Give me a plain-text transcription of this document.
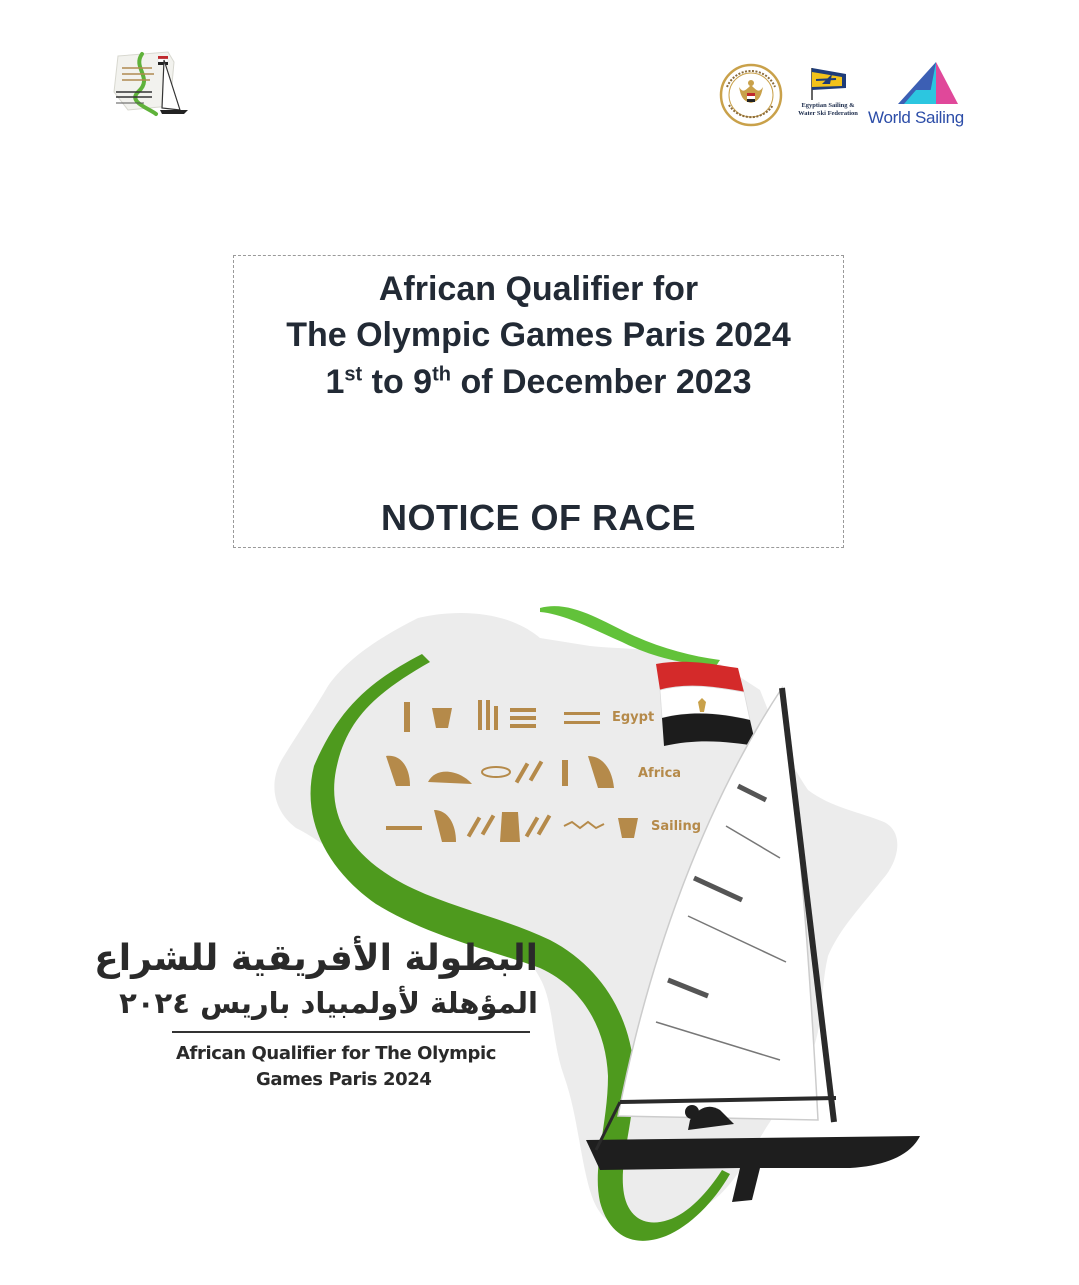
Egyptian Sailing &
Water Ski Federation World Sailing
African Qualifier for
The Olympic Games Paris 2024
1st to 9th of December 2023
NOTICE OF RACE
Egypt
Africa
Sailing
البطولة الأفريقية للشراع
المؤهلة لأولمبياد باريس ٢٠٢٤
African Qualifier for The Olympic
Games Paris 2024
